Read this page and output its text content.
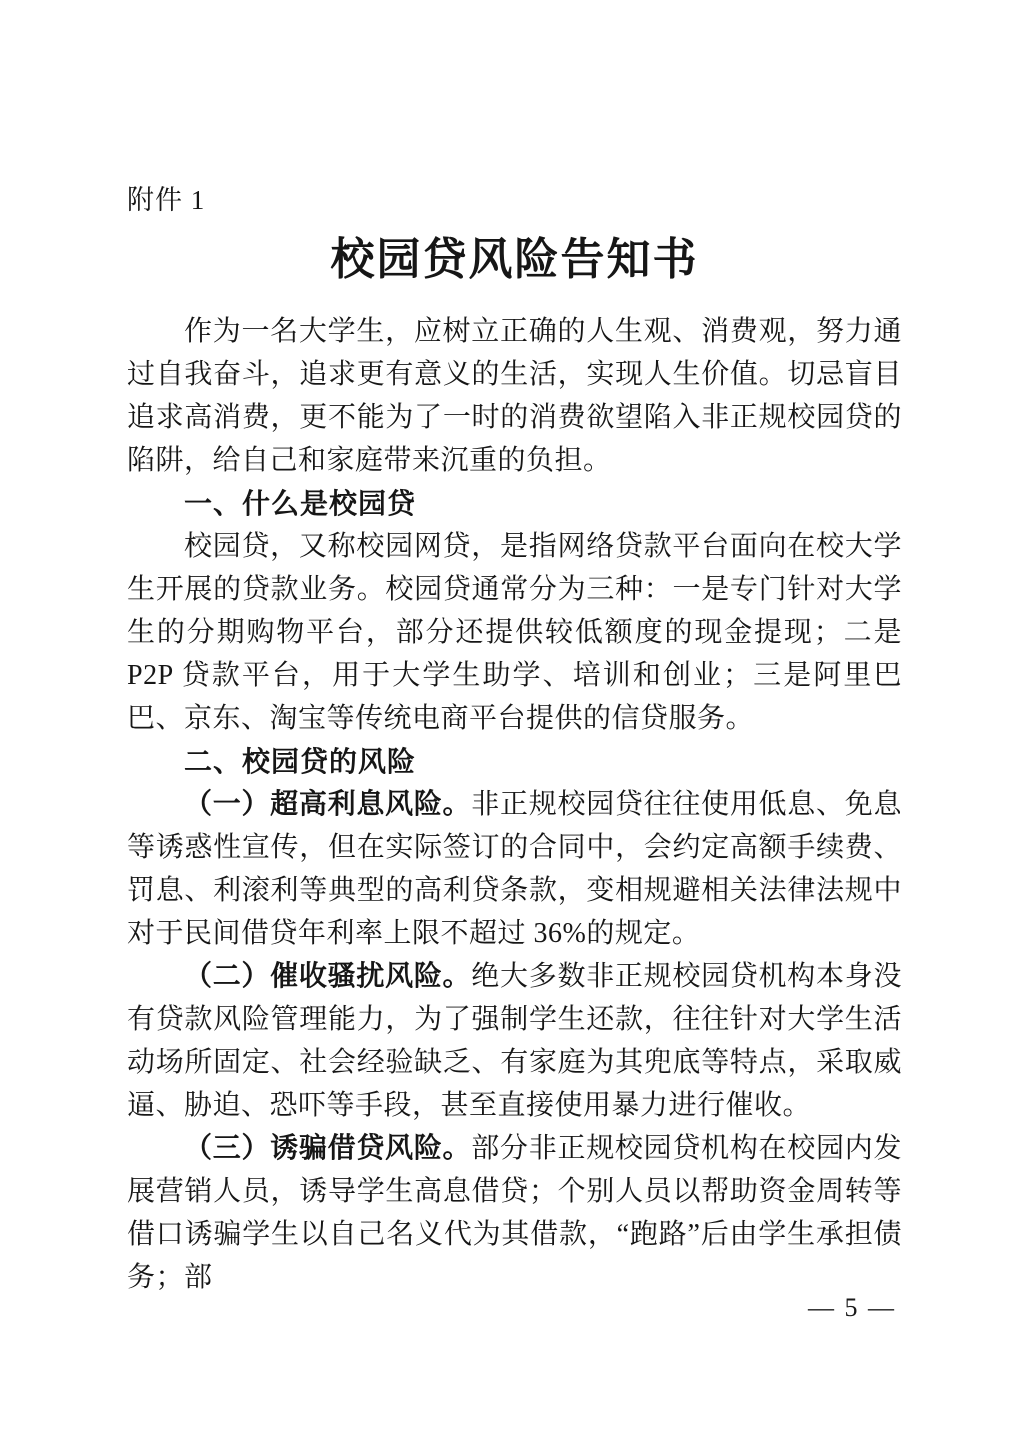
附件 1
校园贷风险告知书

作为一名大学生，应树立正确的人生观、消费观，努力通过自我奋斗，追求更有意义的生活，实现人生价值。切忌盲目追求高消费，更不能为了一时的消费欲望陷入非正规校园贷的陷阱，给自己和家庭带来沉重的负担。

一、什么是校园贷

校园贷，又称校园网贷，是指网络贷款平台面向在校大学生开展的贷款业务。校园贷通常分为三种：一是专门针对大学生的分期购物平台，部分还提供较低额度的现金提现；二是 P2P 贷款平台，用于大学生助学、培训和创业；三是阿里巴巴、京东、淘宝等传统电商平台提供的信贷服务。

二、校园贷的风险

（一）超高利息风险。非正规校园贷往往使用低息、免息等诱惑性宣传，但在实际签订的合同中，会约定高额手续费、罚息、利滚利等典型的高利贷条款，变相规避相关法律法规中对于民间借贷年利率上限不超过 36%的规定。

（二）催收骚扰风险。绝大多数非正规校园贷机构本身没有贷款风险管理能力，为了强制学生还款，往往针对大学生活动场所固定、社会经验缺乏、有家庭为其兜底等特点，采取威逼、胁迫、恐吓等手段，甚至直接使用暴力进行催收。

（三）诱骗借贷风险。部分非正规校园贷机构在校园内发展营销人员，诱导学生高息借贷；个别人员以帮助资金周转等借口诱骗学生以自己名义代为其借款，“跑路”后由学生承担债务；部

— 5 —
